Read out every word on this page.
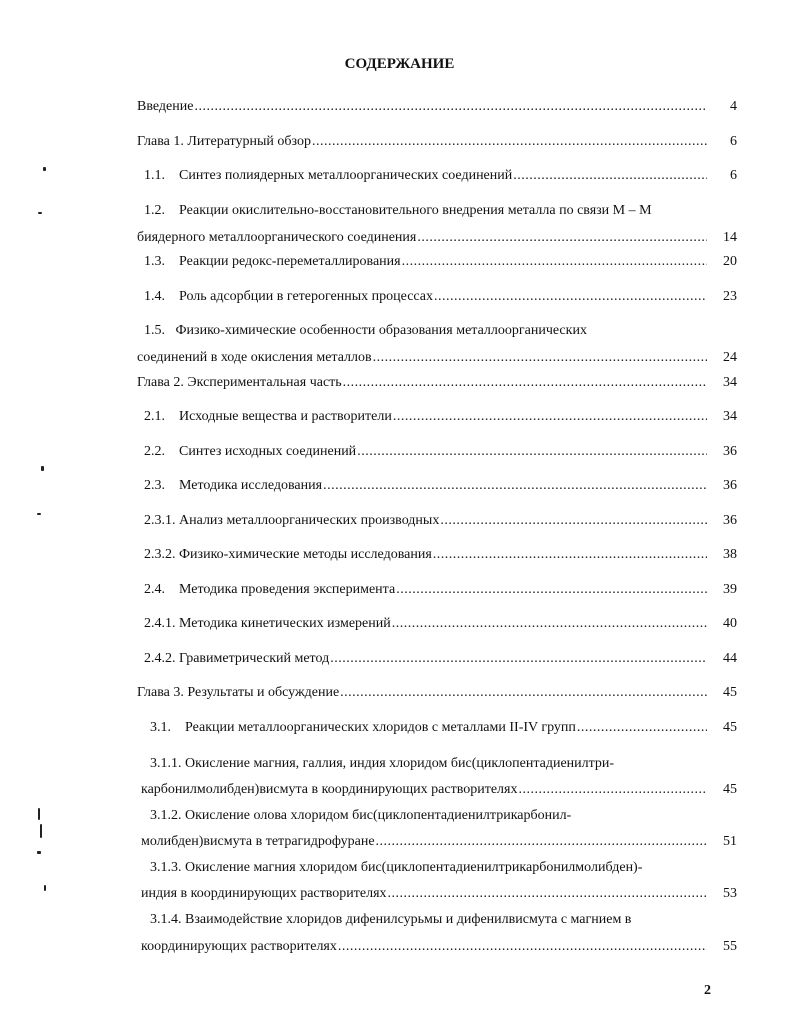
СОДЕРЖАНИЕ
Введение .....	4
Глава 1. Литературный обзор .....	6
1.1.    Синтез полиядерных металлоорганических соединений .....	6
1.2.    Реакции окислительно-восстановительного внедрения металла по связи М – М
биядерного металлоорганического соединения .....	14
1.3.    Реакции редокс-переметаллирования .....	20
1.4.    Роль адсорбции в гетерогенных процессах .....	23
1.5.   Физико-химические особенности образования металлоорганических
соединений в ходе окисления металлов .....	24
Глава 2. Экспериментальная часть .....	34
2.1.    Исходные вещества и растворители .....	34
2.2.    Синтез исходных соединений .....	36
2.3.    Методика исследования .....	36
2.3.1. Анализ металлоорганических производных .....	36
2.3.2. Физико-химические методы исследования .....	38
2.4.    Методика проведения эксперимента .....	39
2.4.1. Методика кинетических измерений .....	40
2.4.2. Гравиметрический метод .....	44
Глава 3. Результаты и обсуждение .....	45
3.1.    Реакции металлоорганических хлоридов с металлами II-IV групп .....	45
3.1.1. Окисление магния, галлия, индия хлоридом бис(циклопентадиенилтри-
карбонилмолибден)висмута в координирующих растворителях .....	45
3.1.2. Окисление олова хлоридом бис(циклопентадиенилтрикарбонил-
молибден)висмута в тетрагидрофуране .....	51
3.1.3. Окисление магния хлоридом бис(циклопентадиенилтрикарбонилмолибден)-
индия в координирующих растворителях .....	53
3.1.4. Взаимодействие хлоридов дифенилсурьмы и дифенилвисмута с магнием в
координирующих растворителях .....	55
2
